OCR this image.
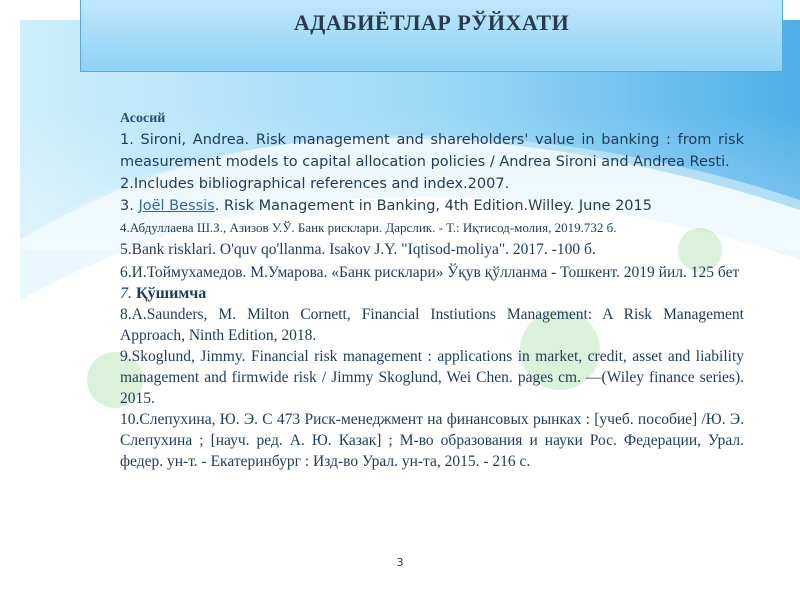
АДАБИЁТЛАР РЎЙХАТИ
Асосий
1. Sironi, Andrea. Risk management and shareholders' value in banking : from risk measurement models to capital allocation policies / Andrea Sironi and Andrea Resti.
2.Includes bibliographical references and index.2007.
3. Joël Bessis. Risk Management in Banking, 4th Edition.Willey. June 2015
4.Абдуллаева Ш.З., Азизов У.Ў. Банк рисклари. Дарслик. - Т.: Иқтисод-молия, 2019.732 б.
5.Bank risklari. O'quv qo'llanma. Isakov J.Y. "Iqtisod-moliya". 2017. -100 б.
6.И.Тоймухамедов. М.Умарова. «Банк рисклари» Ўқув қўлланма - Тошкент. 2019 йил. 125 бет
7. Қўшимча
8.A.Saunders, M. Milton Cornett, Financial Instiutions Management: A Risk Management Approach, Ninth Edition, 2018.
9.Skoglund, Jimmy. Financial risk management : applications in market, credit, asset and liability management and firmwide risk / Jimmy Skoglund, Wei Chen. pages cm. —(Wiley finance series). 2015.
10.Слепухина, Ю. Э. С 473 Риск-менеджмент на финансовых рынках : [учеб. пособие] /Ю. Э. Слепухина ; [науч. ред. А. Ю. Казак] ; М-во образования и науки Рос. Федерации, Урал. федер. ун-т. - Екатеринбург : Изд-во Урал. ун-та, 2015. - 216 с.
3
